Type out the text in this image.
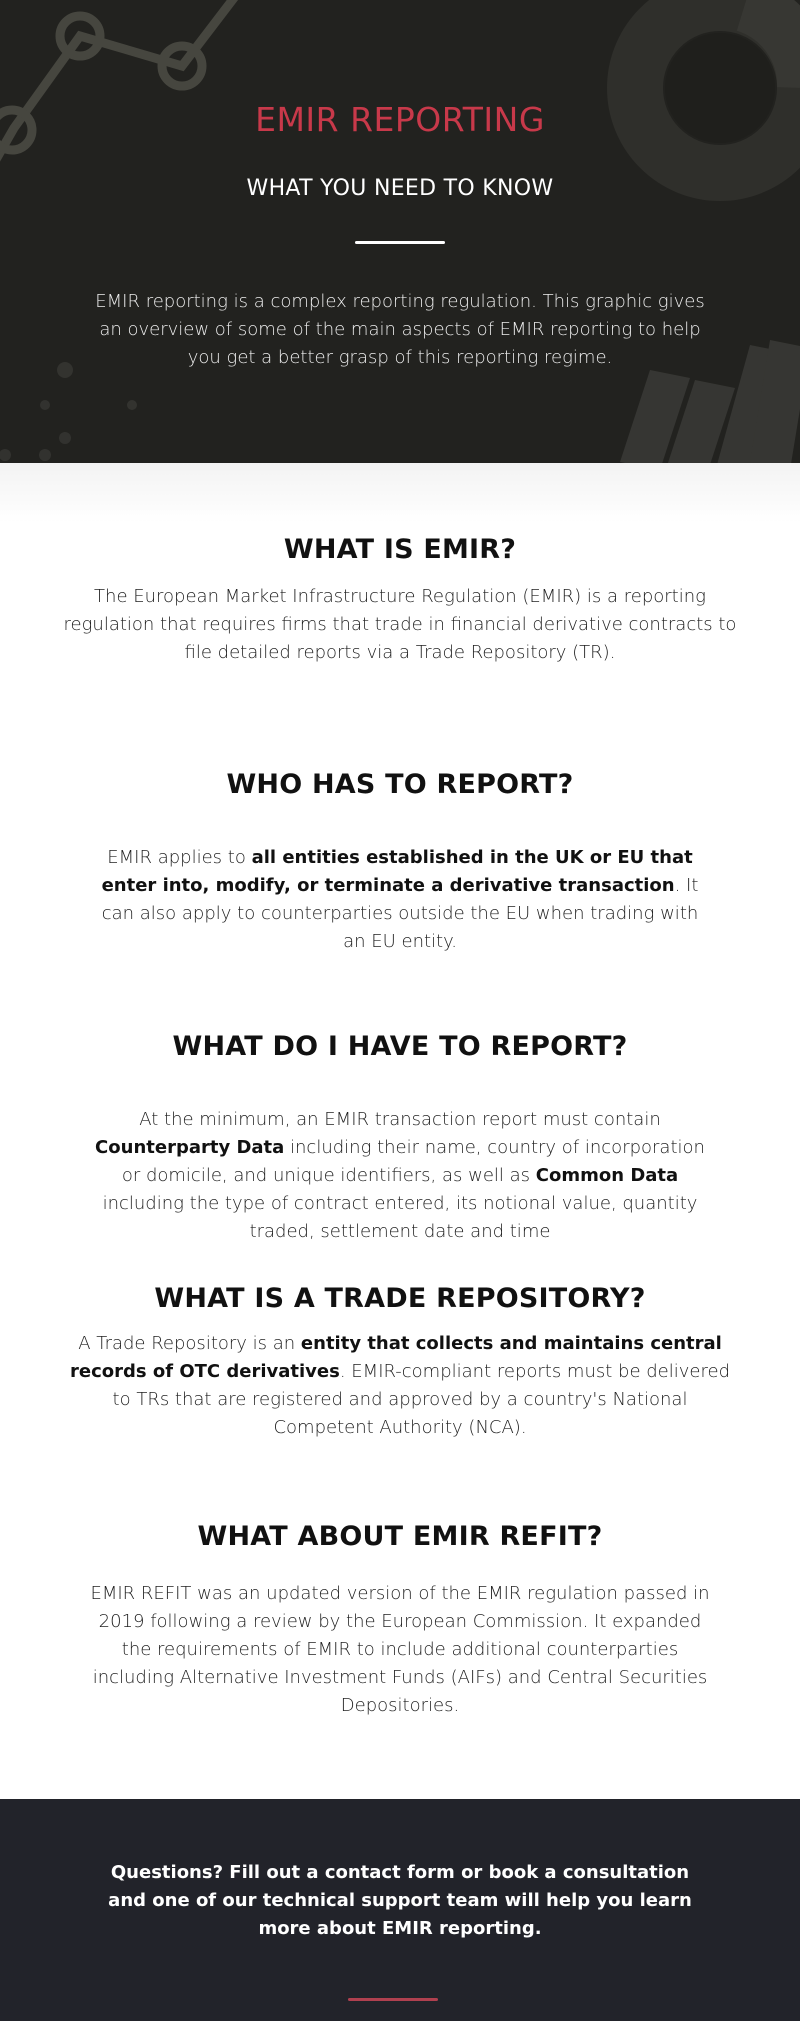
EMIR REPORTING
WHAT YOU NEED TO KNOW

EMIR reporting is a complex reporting regulation. This graphic gives an overview of some of the main aspects of EMIR reporting to help you get a better grasp of this reporting regime.

WHAT IS EMIR?

The European Market Infrastructure Regulation (EMIR) is a reporting regulation that requires firms that trade in financial derivative contracts to file detailed reports via a Trade Repository (TR).

WHO HAS TO REPORT?

EMIR applies to all entities established in the UK or EU that enter into, modify, or terminate a derivative transaction. It can also apply to counterparties outside the EU when trading with an EU entity.

WHAT DO I HAVE TO REPORT?

At the minimum, an EMIR transaction report must contain Counterparty Data including their name, country of incorporation or domicile, and unique identifiers, as well as Common Data including the type of contract entered, its notional value, quantity traded, settlement date and time

WHAT IS A TRADE REPOSITORY?

A Trade Repository is an entity that collects and maintains central records of OTC derivatives. EMIR-compliant reports must be delivered to TRs that are registered and approved by a country's National Competent Authority (NCA).

WHAT ABOUT EMIR REFIT?

EMIR REFIT was an updated version of the EMIR regulation passed in 2019 following a review by the European Commission. It expanded the requirements of EMIR to include additional counterparties including Alternative Investment Funds (AIFs) and Central Securities Depositories.

Questions? Fill out a contact form or book a consultation and one of our technical support team will help you learn more about EMIR reporting.
